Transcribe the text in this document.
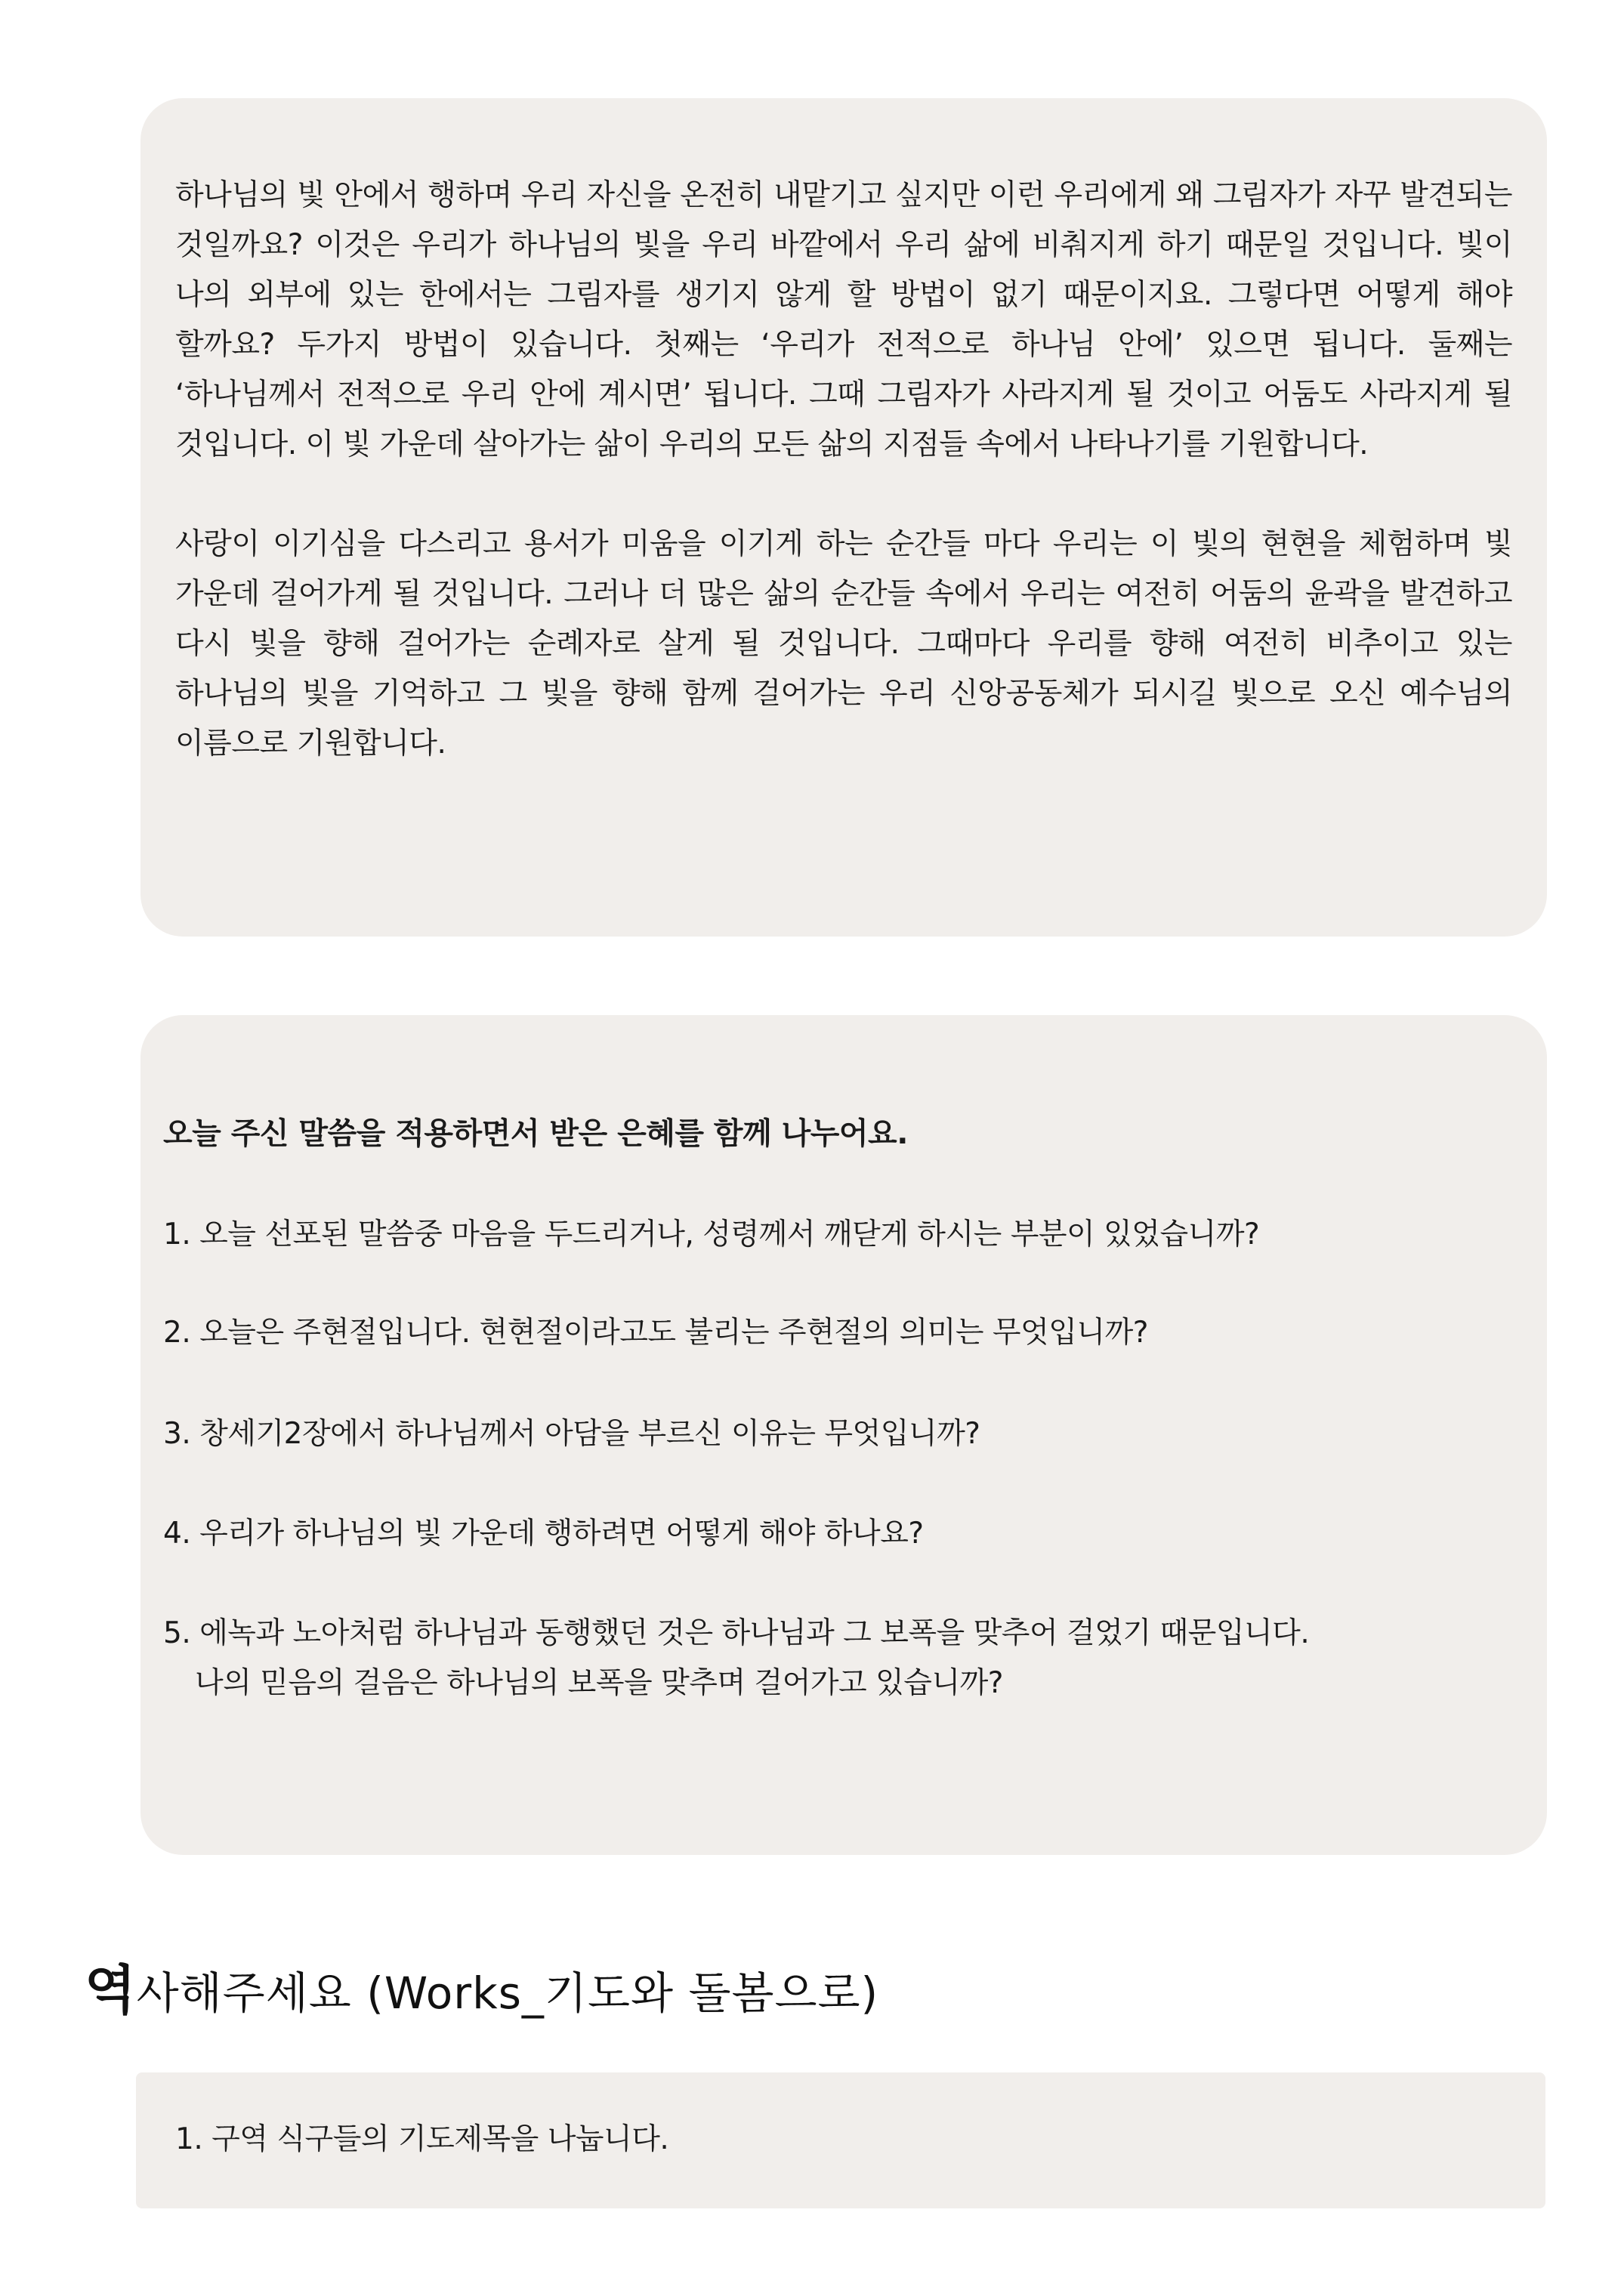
하나님의 빛 안에서 행하며 우리 자신을 온전히 내맡기고 싶지만 이런 우리에게 왜 그림자가 자꾸 발견되는 것일까요? 이것은 우리가 하나님의 빛을 우리 바깥에서 우리 삶에 비춰지게 하기 때문일 것입니다. 빛이 나의 외부에 있는 한에서는 그림자를 생기지 않게 할 방법이 없기 때문이지요. 그렇다면 어떻게 해야 할까요? 두가지 방법이 있습니다. 첫째는 ‘우리가 전적으로 하나님 안에’ 있으면 됩니다. 둘째는 ‘하나님께서 전적으로 우리 안에 계시면’ 됩니다. 그때 그림자가 사라지게 될 것이고 어둠도 사라지게 될 것입니다. 이 빛 가운데 살아가는 삶이 우리의 모든 삶의 지점들 속에서 나타나기를 기원합니다.

사랑이 이기심을 다스리고 용서가 미움을 이기게 하는 순간들 마다 우리는 이 빛의 현현을 체험하며 빛 가운데 걸어가게 될 것입니다. 그러나 더 많은 삶의 순간들 속에서 우리는 여전히 어둠의 윤곽을 발견하고 다시 빛을 향해 걸어가는 순례자로 살게 될 것입니다. 그때마다 우리를 향해 여전히 비추이고 있는 하나님의 빛을 기억하고 그 빛을 향해 함께 걸어가는 우리 신앙공동체가 되시길 빛으로 오신 예수님의 이름으로 기원합니다.

오늘 주신 말씀을 적용하면서 받은 은혜를 함께 나누어요.

1. 오늘 선포된 말씀중 마음을 두드리거나, 성령께서 깨닫게 하시는 부분이 있었습니까?

2. 오늘은 주현절입니다. 현현절이라고도 불리는 주현절의 의미는 무엇입니까?

3. 창세기2장에서 하나님께서 아담을 부르신 이유는 무엇입니까?

4. 우리가 하나님의 빛 가운데 행하려면 어떻게 해야 하나요?

5. 에녹과 노아처럼 하나님과 동행했던 것은 하나님과 그 보폭을 맞추어 걸었기 때문입니다.
나의 믿음의 걸음은 하나님의 보폭을 맞추며 걸어가고 있습니까?

역사해주세요 (Works_기도와 돌봄으로)

1. 구역 식구들의 기도제목을 나눕니다.
